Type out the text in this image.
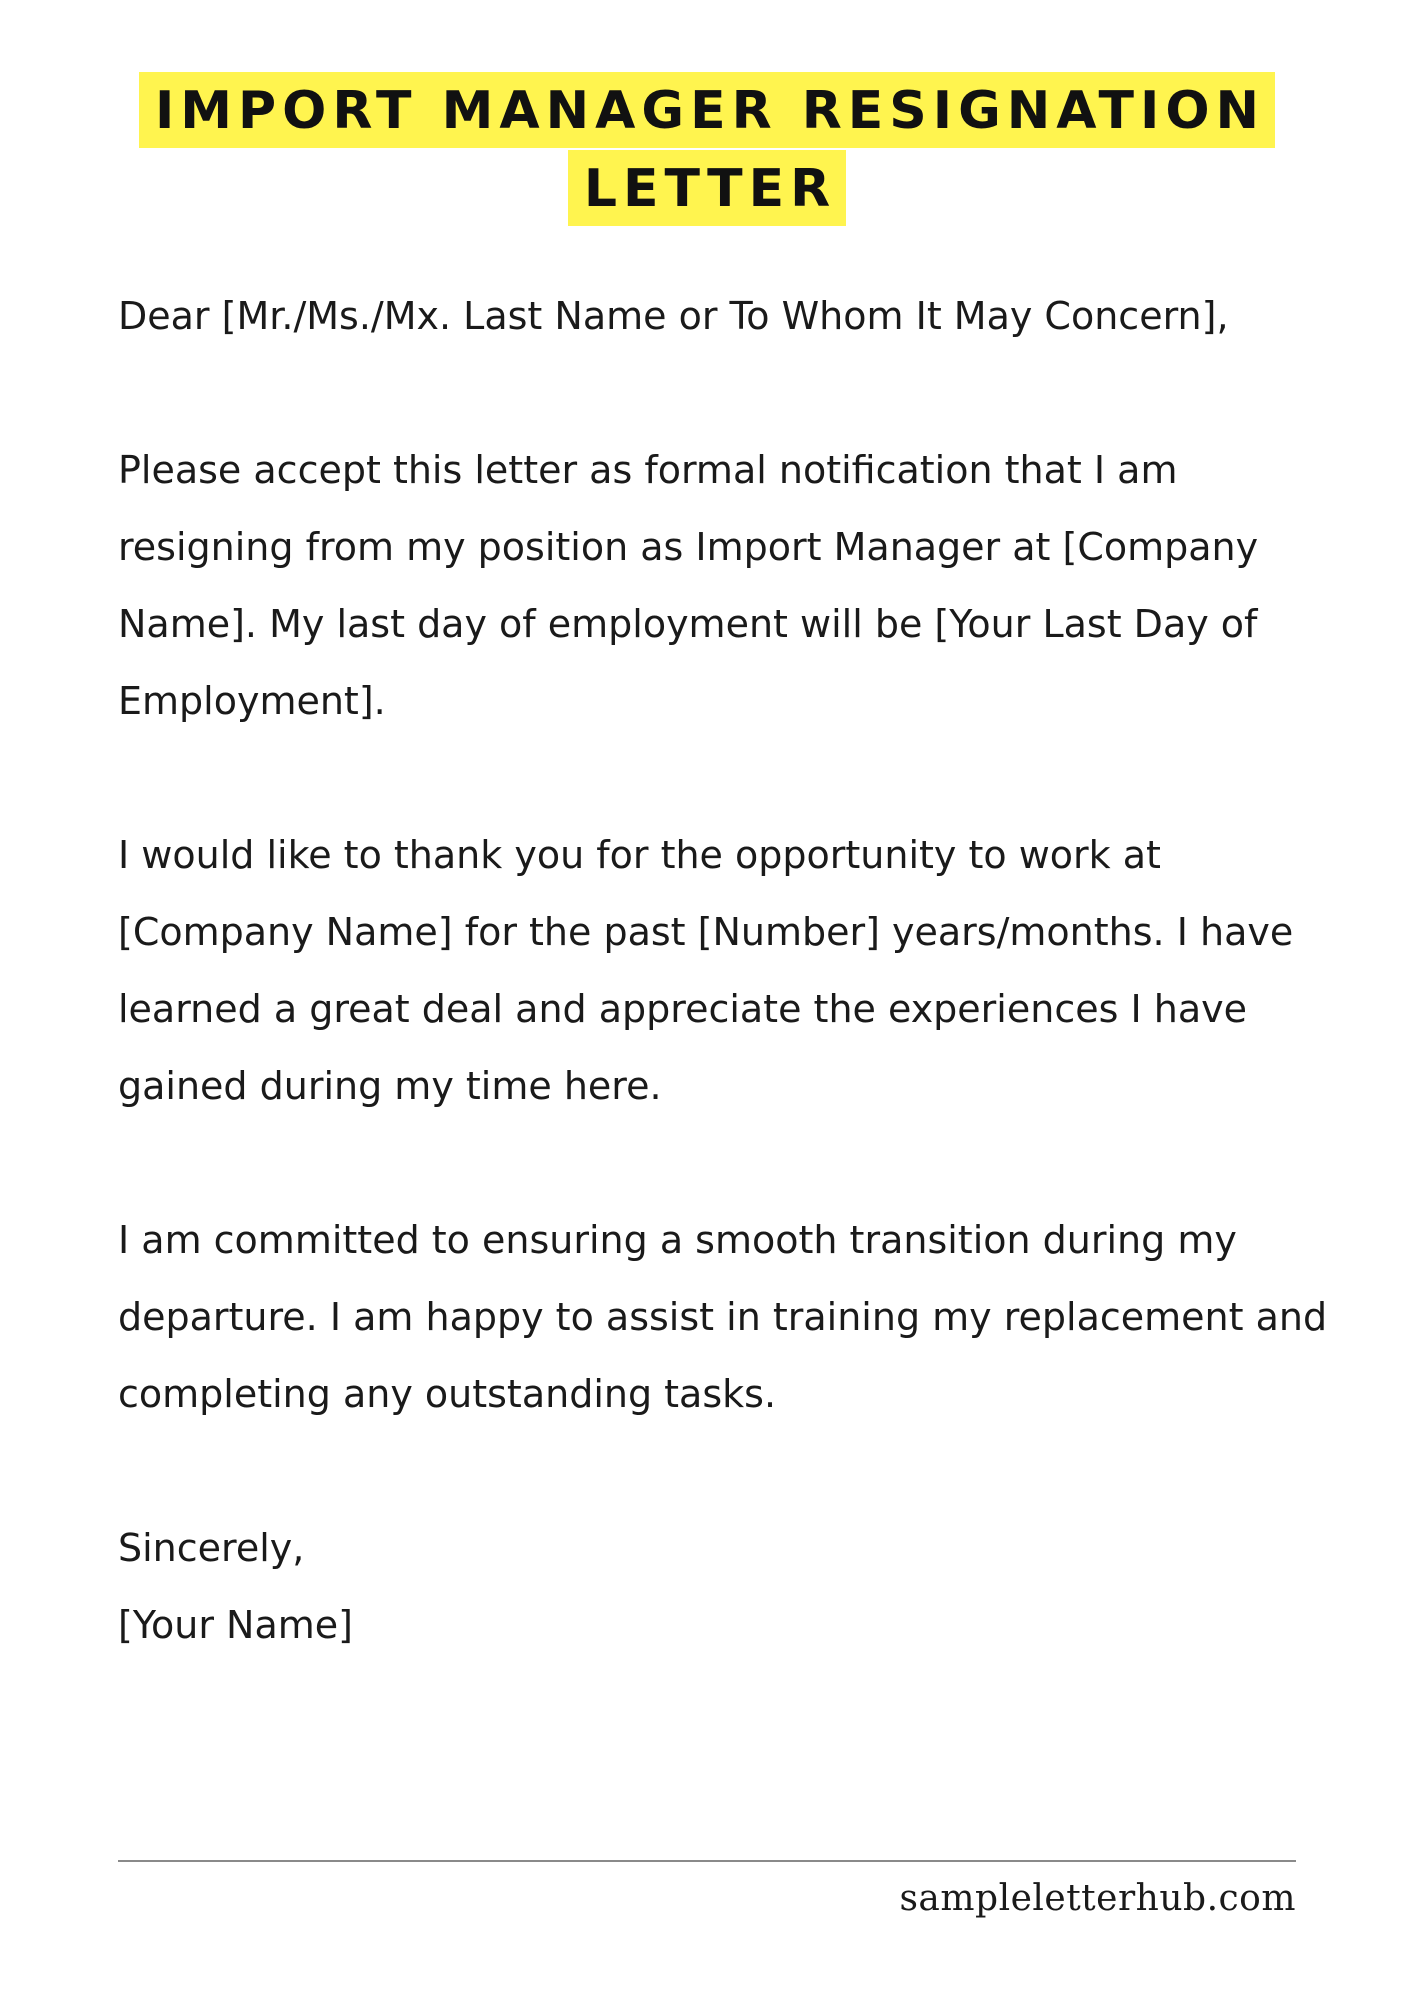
IMPORT MANAGER RESIGNATION
LETTER

Dear [Mr./Ms./Mx. Last Name or To Whom It May Concern],

Please accept this letter as formal notification that I am resigning from my position as Import Manager at [Company Name]. My last day of employment will be [Your Last Day of Employment].

I would like to thank you for the opportunity to work at [Company Name] for the past [Number] years/months. I have learned a great deal and appreciate the experiences I have gained during my time here.

I am committed to ensuring a smooth transition during my departure. I am happy to assist in training my replacement and completing any outstanding tasks.

Sincerely,

[Your Name]

sampleletterhub.com
